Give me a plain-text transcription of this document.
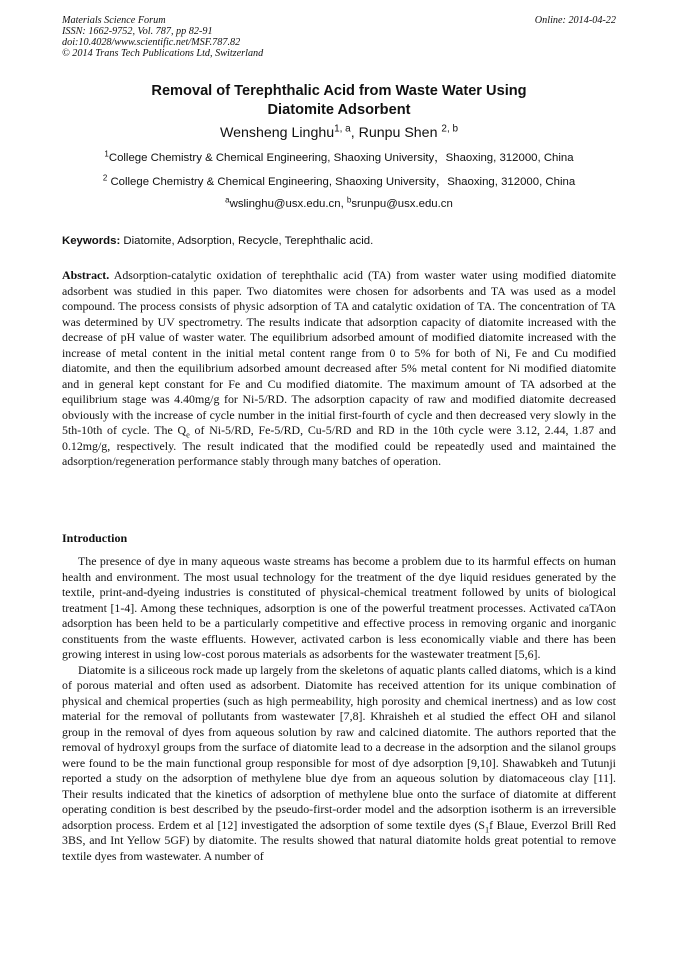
Materials Science Forum
ISSN: 1662-9752, Vol. 787, pp 82-91
doi:10.4028/www.scientific.net/MSF.787.82
© 2014 Trans Tech Publications Ltd, Switzerland
Online: 2014-04-22
Removal of Terephthalic Acid from Waste Water Using
Diatomite Adsorbent
Wensheng Linghu$^{1, a}$, Runpu Shen $^{2, b}$
$^1$College Chemistry & Chemical Engineering, Shaoxing University，Shaoxing, 312000, China
$^2$ College Chemistry & Chemical Engineering, Shaoxing University，Shaoxing, 312000, China
$^a$wslinghu@usx.edu.cn, $^b$srunpu@usx.edu.cn
Keywords: Diatomite, Adsorption, Recycle, Terephthalic acid.

Abstract. Adsorption-catalytic oxidation of terephthalic acid (TA) from waster water using modified diatomite adsorbent was studied in this paper. Two diatomites were chosen for adsorbents and TA was used as a model compound. The process consists of physic adsorption of TA and catalytic oxidation of TA. The concentration of TA was determined by UV spectrometry. The results indicate that adsorption capacity of diatomite increased with the decrease of pH value of waster water. The equilibrium adsorbed amount of modified diatomite increased with the increase of metal content in the initial metal content range from 0 to 5% for both of Ni, Fe and Cu modified diatomite, and then the equilibrium adsorbed amount decreased after 5% metal content for Ni modified diatomite and in general kept constant for Fe and Cu modified diatomite. The maximum amount of TA adsorbed at the equilibrium stage was 4.40mg/g for Ni-5/RD. The adsorption capacity of raw and modified diatomite decreased obviously with the increase of cycle number in the initial first-fourth of cycle and then decreased very slowly in the 5th-10th of cycle. The $Q_e$ of Ni-5/RD, Fe-5/RD, Cu-5/RD and RD in the 10th cycle were 3.12, 2.44, 1.87 and 0.12mg/g, respectively. The result indicated that the modified could be repeatedly used and maintained the adsorption/regeneration performance stably through many batches of operation.

Introduction

The presence of dye in many aqueous waste streams has become a problem due to its harmful effects on human health and environment. The most usual technology for the treatment of the dye liquid residues generated by the textile, print-and-dyeing industries is constituted of physical-chemical treatment followed by units of biological treatment [1-4]. Among these techniques, adsorption is one of the powerful treatment processes. Activated caTAon adsorption has been held to be a particularly competitive and effective process in removing organic and inorganic constituents from the waste effluents. However, activated carbon is less economically viable and there has been growing interest in using low-cost porous materials as adsorbents for the wastewater treatment [5,6].

Diatomite is a siliceous rock made up largely from the skeletons of aquatic plants called diatoms, which is a kind of porous material and often used as adsorbent. Diatomite has received attention for its unique combination of physical and chemical properties (such as high permeability, high porosity and chemical inertness) and as low cost material for the removal of pollutants from wastewater [7,8]. Khraisheh et al studied the effect OH and silanol group in the removal of dyes from aqueous solution by raw and calcined diatomite. The authors reported that the removal of hydroxyl groups from the surface of diatomite lead to a decrease in the adsorption and the silanol groups were found to be the main functional group responsible for most of dye adsorption [9,10]. Shawabkeh and Tutunji reported a study on the adsorption of methylene blue dye from an aqueous solution by diatomaceous clay [11]. Their results indicated that the kinetics of adsorption of methylene blue onto the surface of diatomite at different operating condition is best described by the pseudo-first-order model and the adsorption isotherm is an irreversible adsorption process. Erdem et al [12] investigated the adsorption of some textile dyes ($S_1f$ Blaue, Everzol Brill Red 3BS, and Int Yellow 5GF) by diatomite. The results showed that natural diatomite holds great potential to remove textile dyes from wastewater. A number of
